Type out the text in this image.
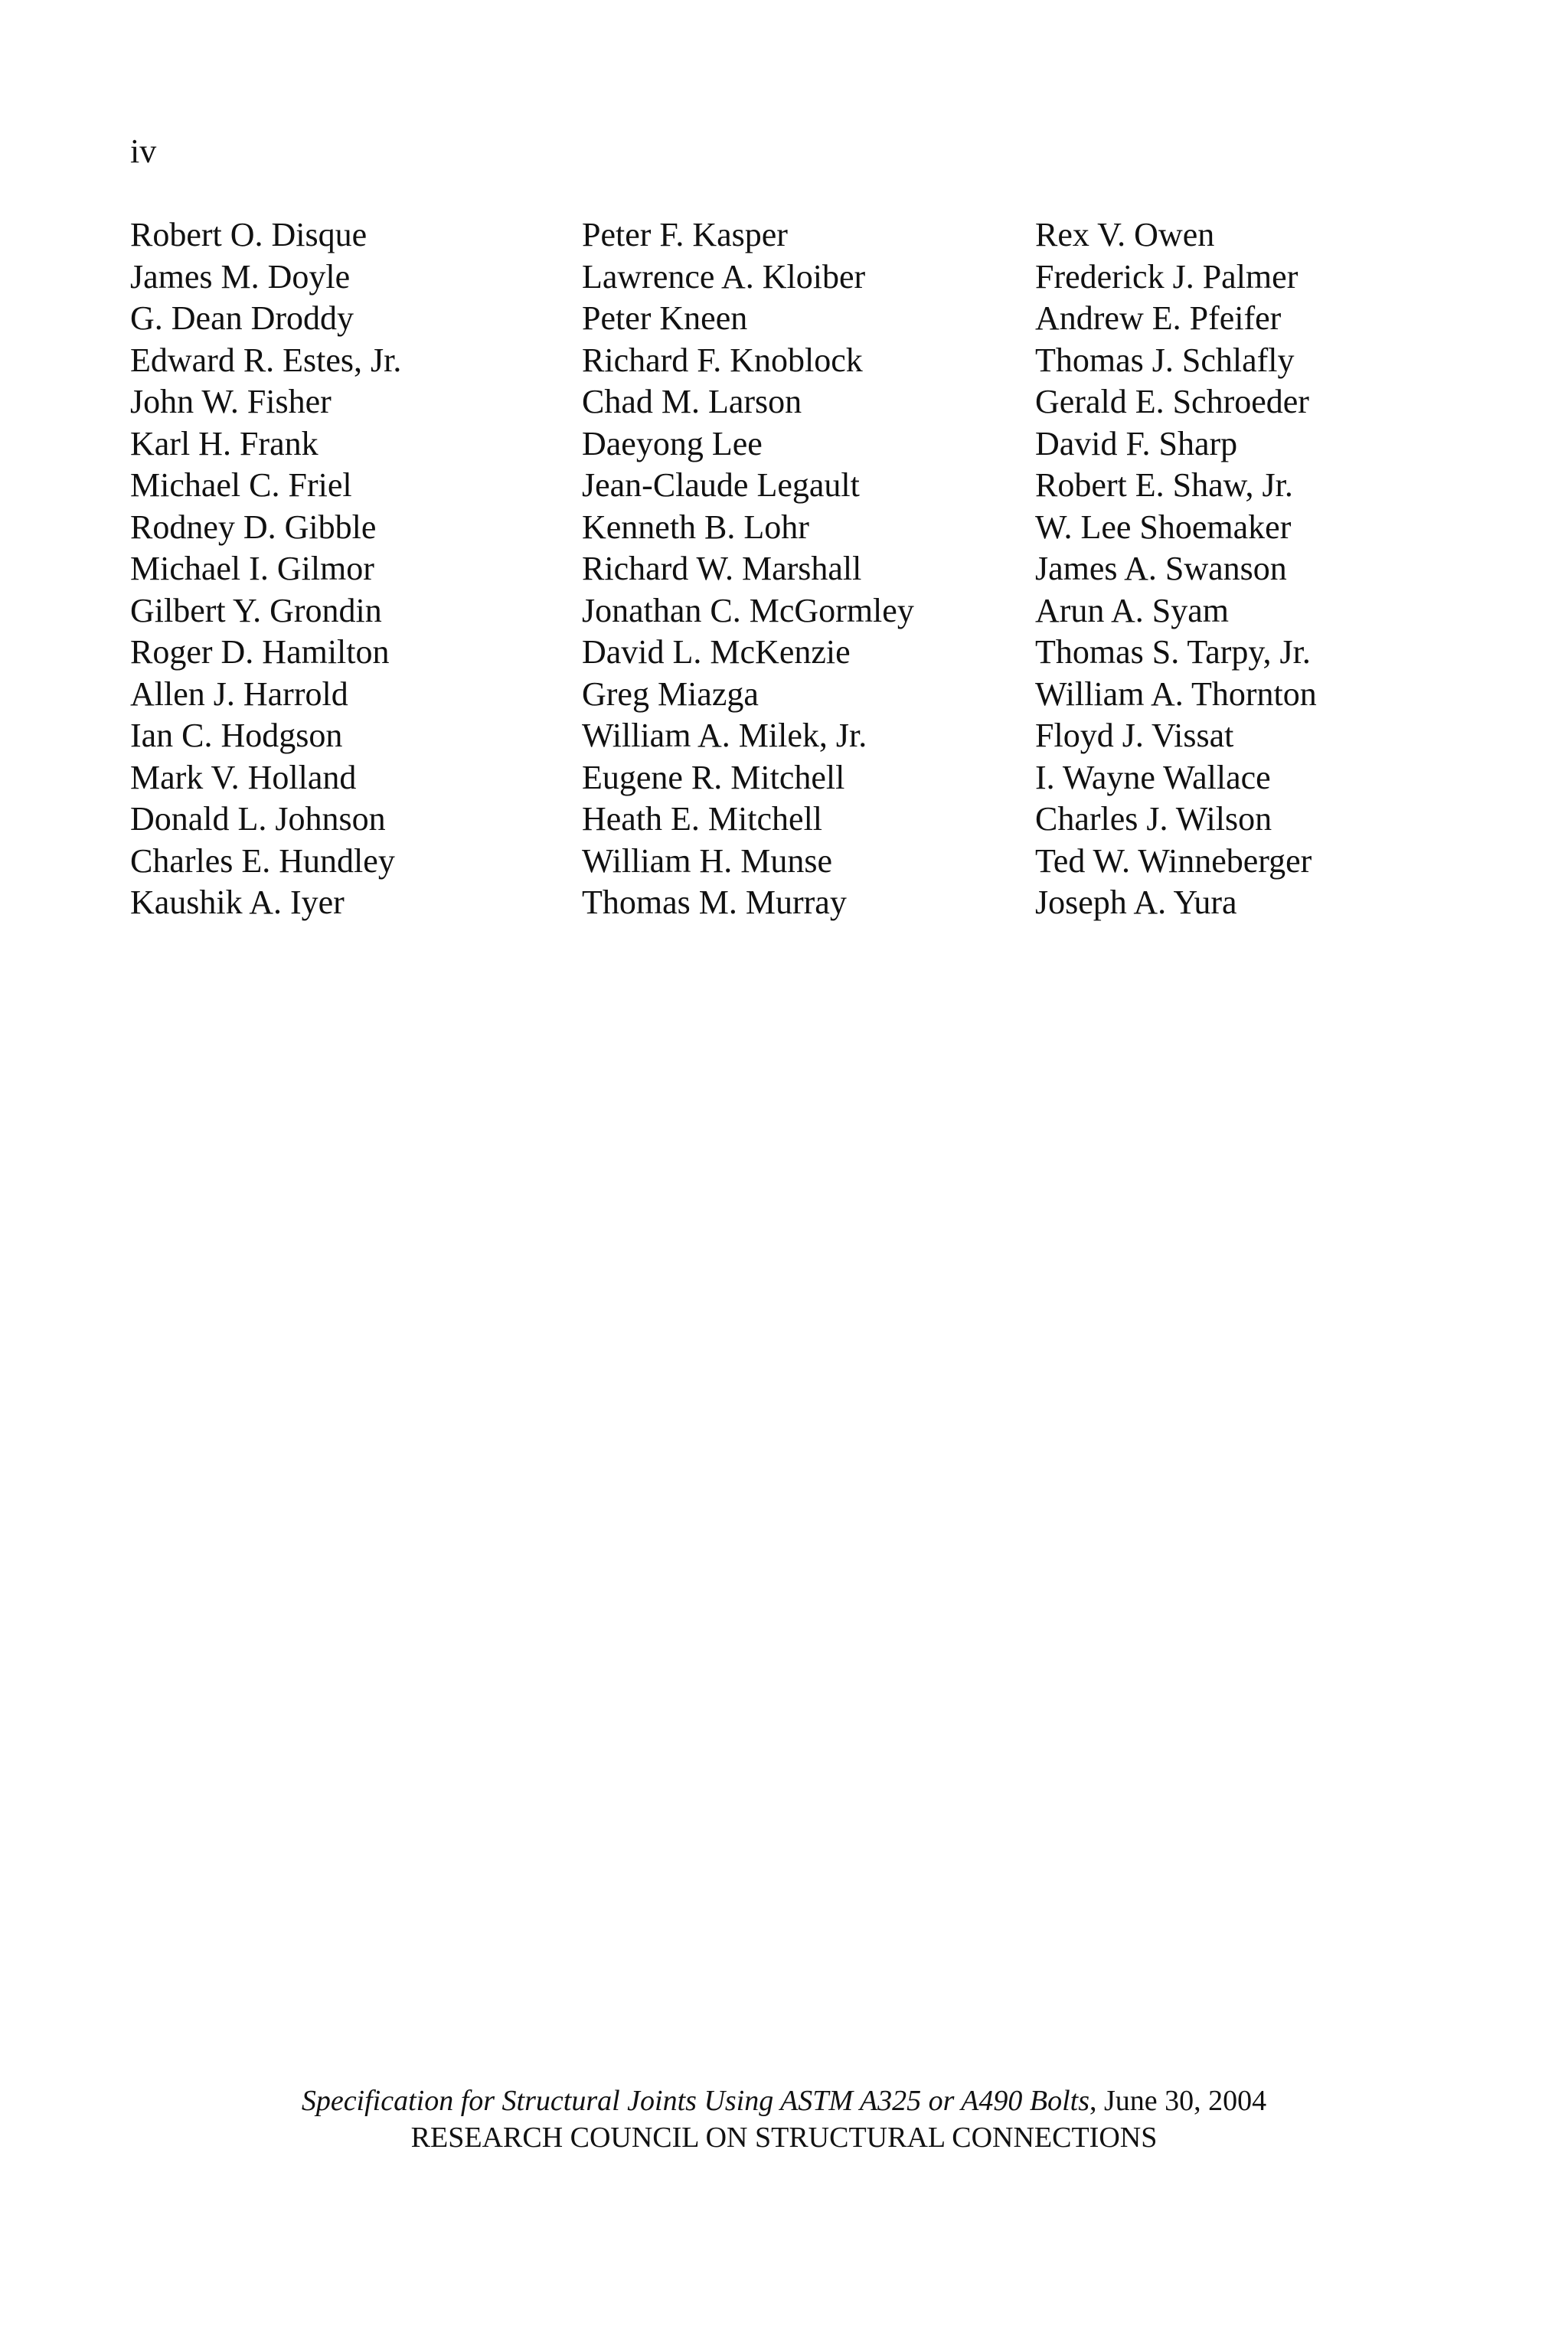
iv
Robert O. Disque
James M. Doyle
G. Dean Droddy
Edward R. Estes, Jr.
John W. Fisher
Karl H. Frank
Michael C. Friel
Rodney D. Gibble
Michael I. Gilmor
Gilbert Y. Grondin
Roger D. Hamilton
Allen J. Harrold
Ian C. Hodgson
Mark V. Holland
Donald L. Johnson
Charles E. Hundley
Kaushik A. Iyer
Peter F. Kasper
Lawrence A. Kloiber
Peter Kneen
Richard F. Knoblock
Chad M. Larson
Daeyong Lee
Jean-Claude Legault
Kenneth B. Lohr
Richard W. Marshall
Jonathan C. McGormley
David L. McKenzie
Greg Miazga
William A. Milek, Jr.
Eugene R. Mitchell
Heath E. Mitchell
William H. Munse
Thomas M. Murray
Rex V. Owen
Frederick J. Palmer
Andrew E. Pfeifer
Thomas J. Schlafly
Gerald E. Schroeder
David F. Sharp
Robert E. Shaw, Jr.
W. Lee Shoemaker
James A. Swanson
Arun A. Syam
Thomas S. Tarpy, Jr.
William A. Thornton
Floyd J. Vissat
I. Wayne Wallace
Charles J. Wilson
Ted W. Winneberger
Joseph A. Yura
Specification for Structural Joints Using ASTM A325 or A490 Bolts, June 30, 2004
RESEARCH COUNCIL ON STRUCTURAL CONNECTIONS
